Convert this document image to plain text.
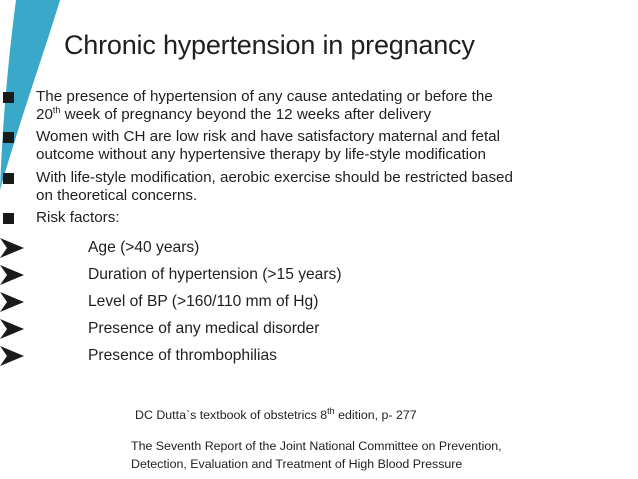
Chronic hypertension in pregnancy
The presence of hypertension of any cause antedating or before the
20th week of pregnancy beyond the 12 weeks after delivery
Women with CH are low risk and have satisfactory maternal and fetal
outcome without any hypertensive therapy by life-style modification
With life-style modification, aerobic exercise should be restricted based
on theoretical concerns.
Risk factors:
Age (>40 years)
Duration of hypertension (>15 years)
Level of BP (>160/110 mm of Hg)
Presence of any medical disorder
Presence of thrombophilias
DC Dutta`s textbook of obstetrics 8th edition, p- 277
The Seventh Report of the Joint National Committee on Prevention,
Detection, Evaluation and Treatment of High Blood Pressure
